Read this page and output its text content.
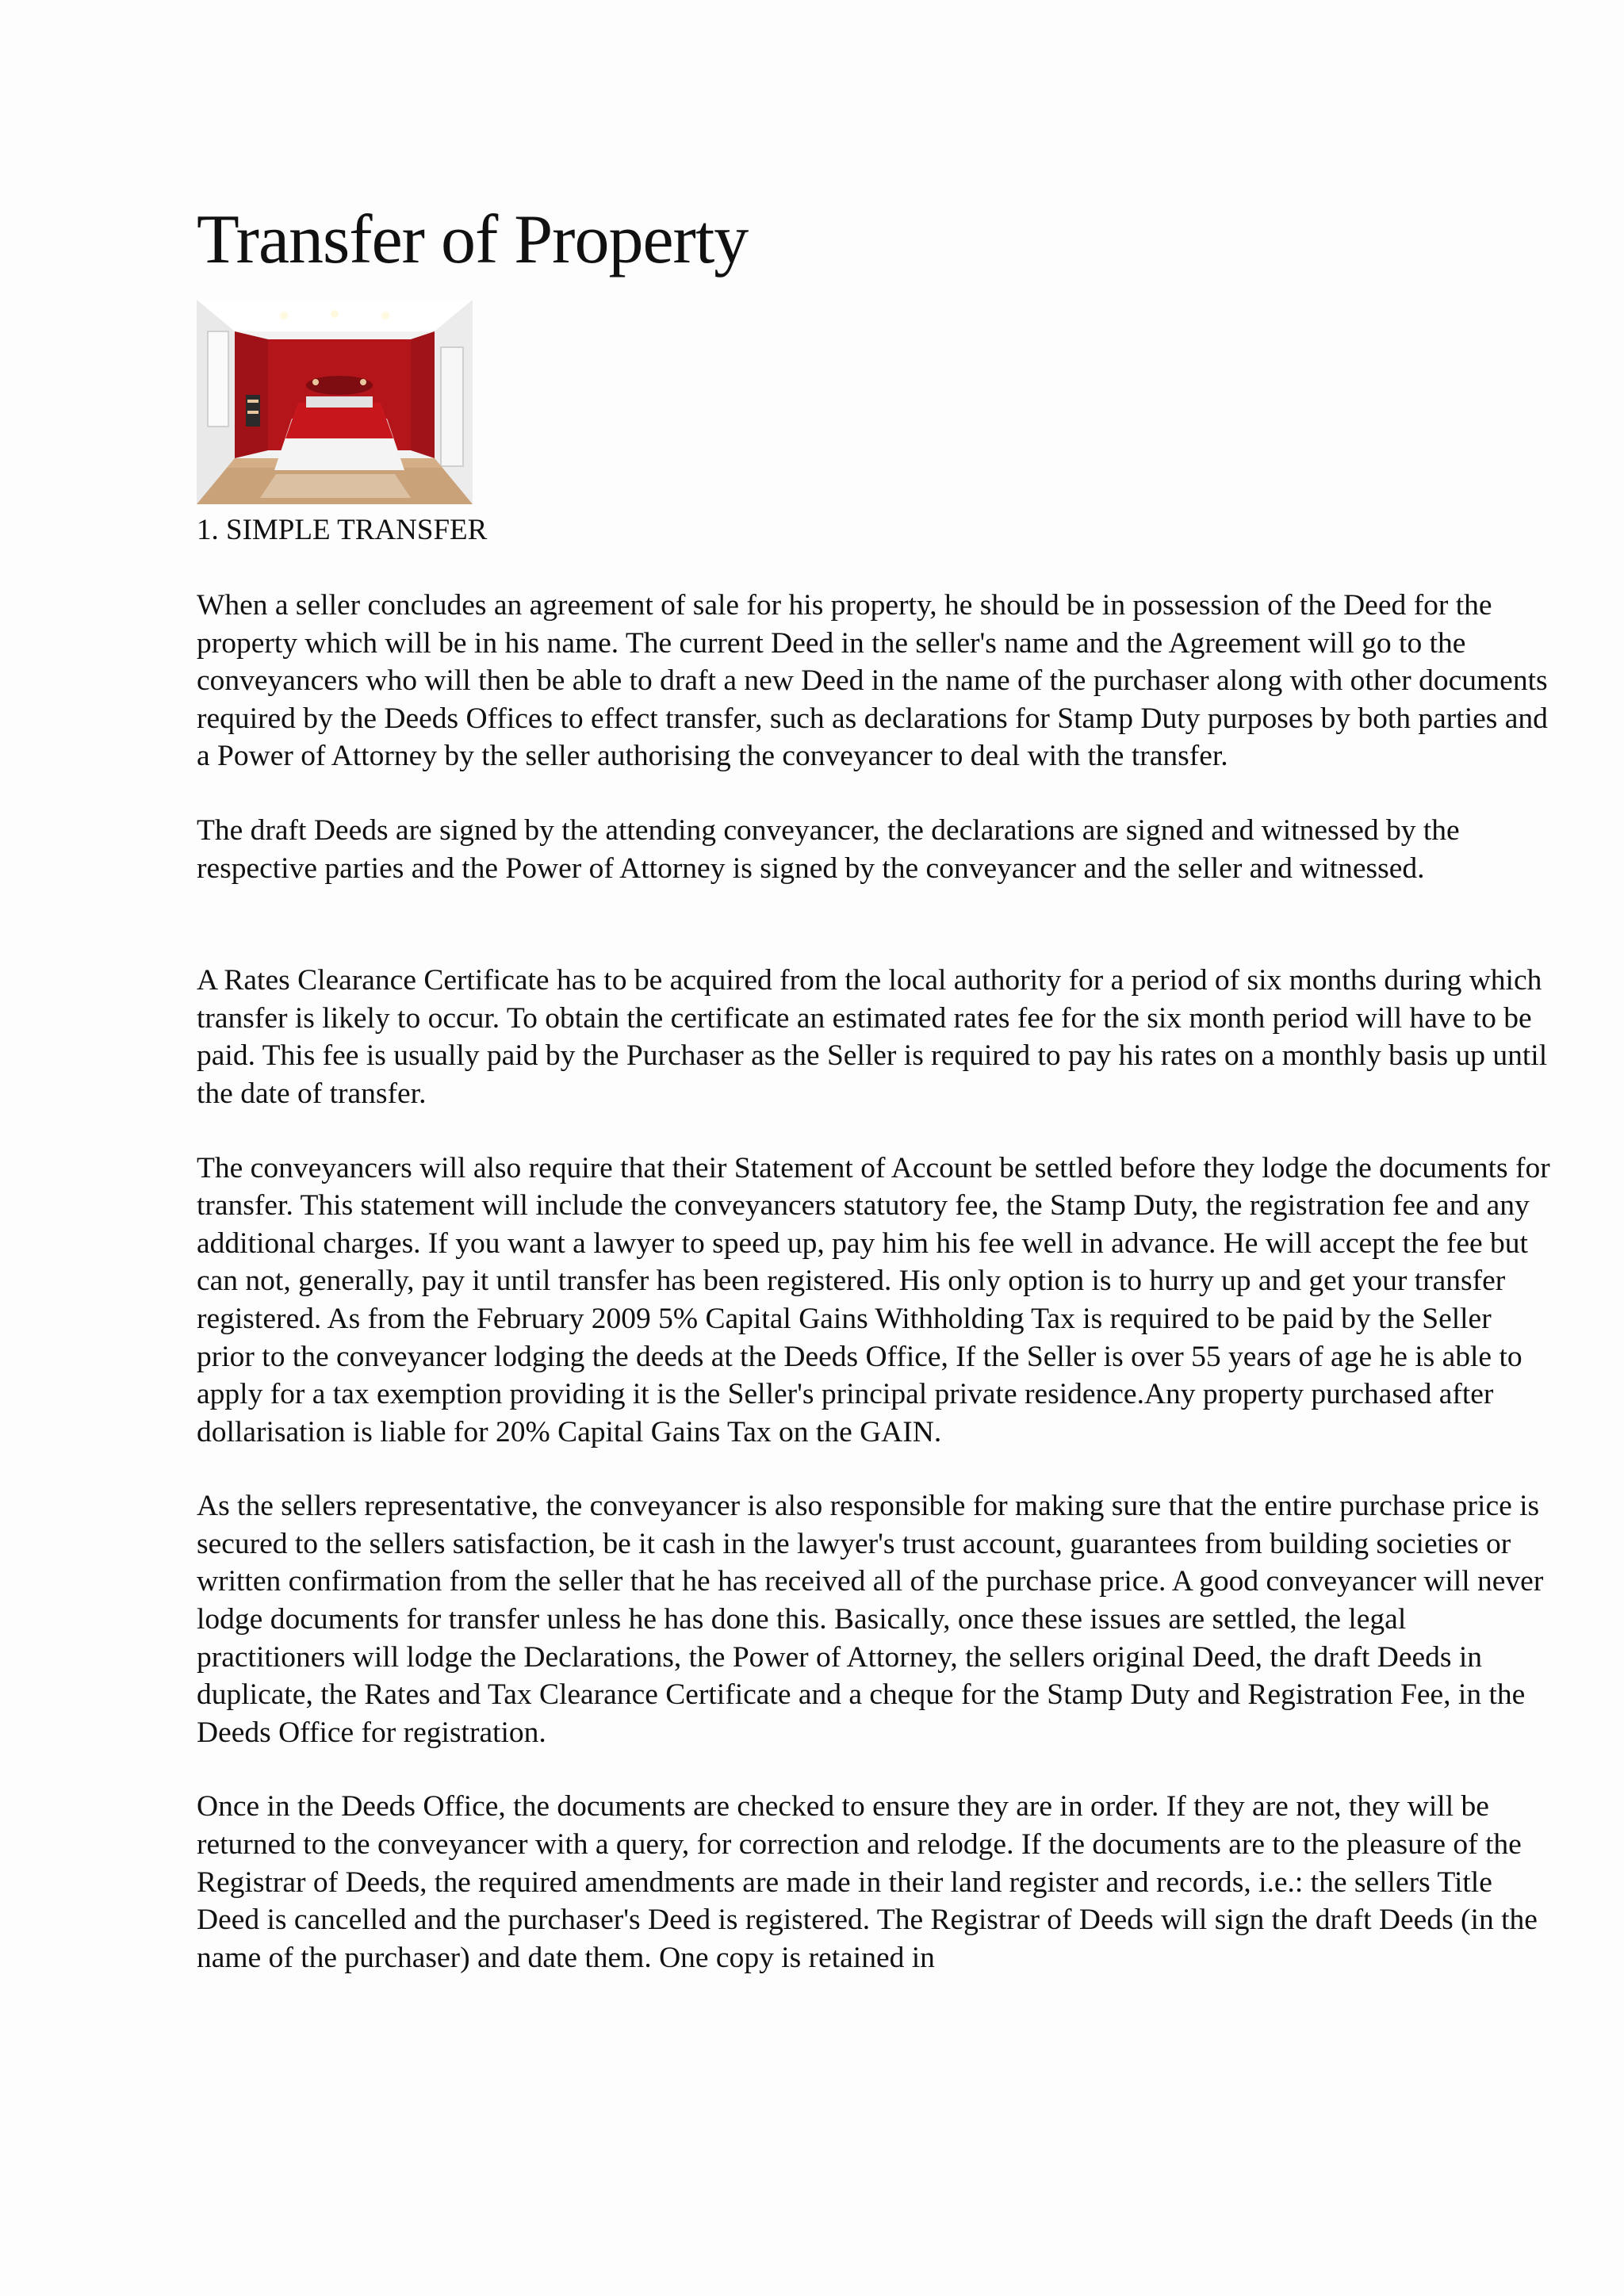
Transfer of Property

1. SIMPLE TRANSFER

When a seller concludes an agreement of sale for his property, he should be in possession of the Deed for the property which will be in his name. The current Deed in the seller's name and the Agreement will go to the conveyancers who will then be able to draft a new Deed in the name of the purchaser along with other documents required by the Deeds Offices to effect transfer, such as declarations for Stamp Duty purposes by both parties and a Power of Attorney by the seller authorising the conveyancer to deal with the transfer.

The draft Deeds are signed by the attending conveyancer, the declarations are signed and witnessed by the respective parties and the Power of Attorney is signed by the conveyancer and the seller and witnessed.

A Rates Clearance Certificate has to be acquired from the local authority for a period of six months during which transfer is likely to occur. To obtain the certificate an estimated rates fee for the six month period will have to be paid. This fee is usually paid by the Purchaser as the Seller is required to pay his rates on a monthly basis up until the date of transfer.

The conveyancers will also require that their Statement of Account be settled before they lodge the documents for transfer. This statement will include the conveyancers statutory fee, the Stamp Duty, the registration fee and any additional charges. If you want a lawyer to speed up, pay him his fee well in advance. He will accept the fee but can not, generally, pay it until transfer has been registered. His only option is to hurry up and get your transfer registered. As from the February 2009 5% Capital Gains Withholding Tax is required to be paid by the Seller prior to the conveyancer lodging the deeds at the Deeds Office, If the Seller is over 55 years of age he is able to apply for a tax exemption providing it is the Seller's principal private residence.Any property purchased after dollarisation is liable for 20% Capital Gains Tax on the GAIN.

As the sellers representative, the conveyancer is also responsible for making sure that the entire purchase price is secured to the sellers satisfaction, be it cash in the lawyer's trust account, guarantees from building societies or written confirmation from the seller that he has received all of the purchase price. A good conveyancer will never lodge documents for transfer unless he has done this. Basically, once these issues are settled, the legal practitioners will lodge the Declarations, the Power of Attorney, the sellers original Deed, the draft Deeds in duplicate, the Rates and Tax Clearance Certificate and a cheque for the Stamp Duty and Registration Fee, in the Deeds Office for registration.

Once in the Deeds Office, the documents are checked to ensure they are in order. If they are not, they will be returned to the conveyancer with a query, for correction and relodge. If the documents are to the pleasure of the Registrar of Deeds, the required amendments are made in their land register and records, i.e.: the sellers Title Deed is cancelled and the purchaser's Deed is registered. The Registrar of Deeds will sign the draft Deeds (in the name of the purchaser) and date them. One copy is retained in
